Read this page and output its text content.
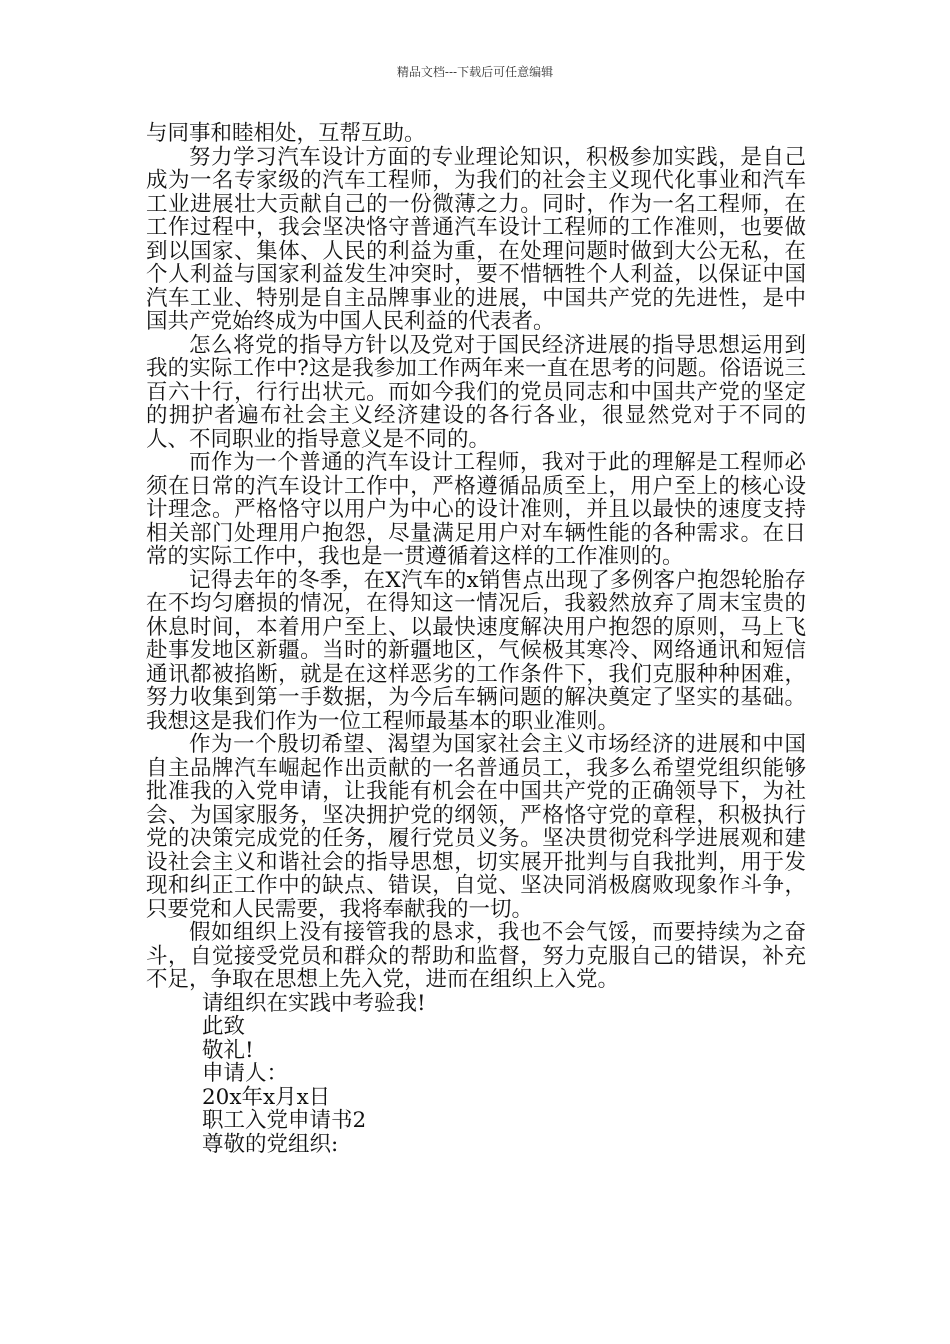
精品文档---下载后可任意编辑

与同事和睦相处，互帮互助。

努力学习汽车设计方面的专业理论知识，积极参加实践，是自己成为一名专家级的汽车工程师，为我们的社会主义现代化事业和汽车工业进展壮大贡献自己的一份微薄之力。同时，作为一名工程师，在工作过程中，我会坚决恪守普通汽车设计工程师的工作准则，也要做到以国家、集体、人民的利益为重，在处理问题时做到大公无私，在个人利益与国家利益发生冲突时，要不惜牺牲个人利益，以保证中国汽车工业、特别是自主品牌事业的进展，中国共产党的先进性，是中国共产党始终成为中国人民利益的代表者。

怎么将党的指导方针以及党对于国民经济进展的指导思想运用到我的实际工作中?这是我参加工作两年来一直在思考的问题。俗语说三百六十行，行行出状元。而如今我们的党员同志和中国共产党的坚定的拥护者遍布社会主义经济建设的各行各业，很显然党对于不同的人、不同职业的指导意义是不同的。

而作为一个普通的汽车设计工程师，我对于此的理解是工程师必须在日常的汽车设计工作中，严格遵循品质至上，用户至上的核心设计理念。严格恪守以用户为中心的设计准则，并且以最快的速度支持相关部门处理用户抱怨，尽量满足用户对车辆性能的各种需求。在日常的实际工作中，我也是一贯遵循着这样的工作准则的。

记得去年的冬季，在X汽车的x销售点出现了多例客户抱怨轮胎存在不均匀磨损的情况，在得知这一情况后，我毅然放弃了周末宝贵的休息时间，本着用户至上、以最快速度解决用户抱怨的原则，马上飞赴事发地区新疆。当时的新疆地区，气候极其寒冷、网络通讯和短信通讯都被掐断，就是在这样恶劣的工作条件下，我们克服种种困难，努力收集到第一手数据，为今后车辆问题的解决奠定了坚实的基础。我想这是我们作为一位工程师最基本的职业准则。

作为一个殷切希望、渴望为国家社会主义市场经济的进展和中国自主品牌汽车崛起作出贡献的一名普通员工，我多么希望党组织能够批准我的入党申请，让我能有机会在中国共产党的正确领导下，为社会、为国家服务，坚决拥护党的纲领，严格恪守党的章程，积极执行党的决策完成党的任务，履行党员义务。坚决贯彻党科学进展观和建设社会主义和谐社会的指导思想，切实展开批判与自我批判，用于发现和纠正工作中的缺点、错误，自觉、坚决同消极腐败现象作斗争，只要党和人民需要，我将奉献我的一切。

假如组织上没有接管我的恳求，我也不会气馁，而要持续为之奋斗，自觉接受党员和群众的帮助和监督，努力克服自己的错误，补充不足，争取在思想上先入党，进而在组织上入党。

请组织在实践中考验我!

此致

敬礼!

申请人：

20x年x月x日

职工入党申请书2

尊敬的党组织:
